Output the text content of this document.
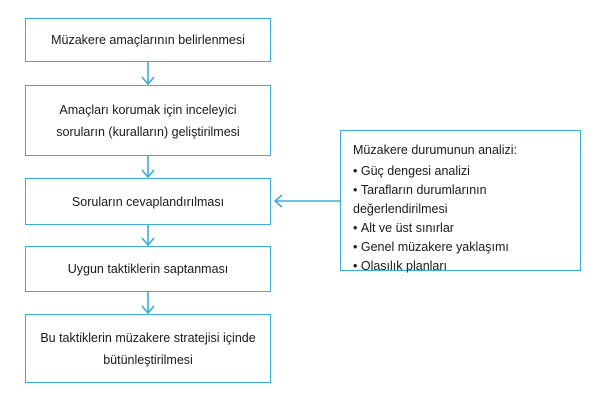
Müzakere amaçlarının belirlenmesi
Amaçları korumak için inceleyici soruların (kuralların) geliştirilmesi
Soruların cevaplandırılması
Uygun taktiklerin saptanması
Bu taktiklerin müzakere stratejisi içinde bütünleştirilmesi
Müzakere durumunun analizi:
• Güç dengesi analizi
• Tarafların durumlarının değerlendirilmesi
• Alt ve üst sınırlar
• Genel müzakere yaklaşımı
• Olasılık planları
